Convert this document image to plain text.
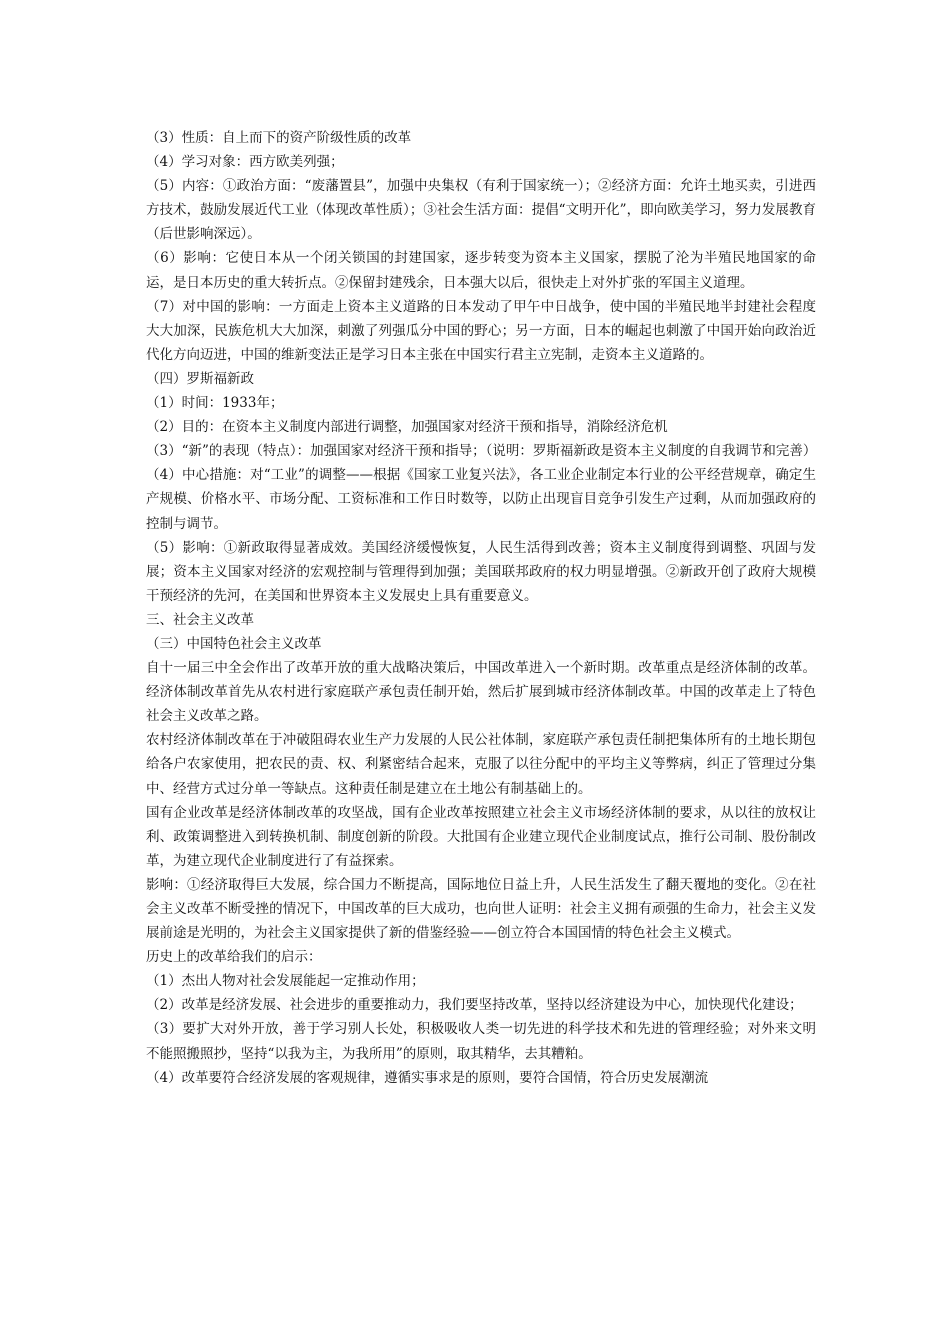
（3）性质：自上而下的资产阶级性质的改革

（4）学习对象：西方欧美列强；

（5）内容：①政治方面：“废藩置县”，加强中央集权（有利于国家统一）；②经济方面：允许土地买卖，引进西方技术，鼓励发展近代工业（体现改革性质）；③社会生活方面：提倡“文明开化”，即向欧美学习，努力发展教育（后世影响深远）。

（6）影响：它使日本从一个闭关锁国的封建国家，逐步转变为资本主义国家，摆脱了沦为半殖民地国家的命运，是日本历史的重大转折点。②保留封建残余，日本强大以后，很快走上对外扩张的军国主义道理。

（7）对中国的影响：一方面走上资本主义道路的日本发动了甲午中日战争，使中国的半殖民地半封建社会程度大大加深，民族危机大大加深，刺激了列强瓜分中国的野心；另一方面，日本的崛起也刺激了中国开始向政治近代化方向迈进，中国的维新变法正是学习日本主张在中国实行君主立宪制，走资本主义道路的。

（四）罗斯福新政

（1）时间：1933年；

（2）目的：在资本主义制度内部进行调整，加强国家对经济干预和指导，消除经济危机

（3）“新”的表现（特点）：加强国家对经济干预和指导；（说明：罗斯福新政是资本主义制度的自我调节和完善）

（4）中心措施：对“工业”的调整——根据《国家工业复兴法》，各工业企业制定本行业的公平经营规章，确定生产规模、价格水平、市场分配、工资标准和工作日时数等，以防止出现盲目竞争引发生产过剩，从而加强政府的控制与调节。

（5）影响：①新政取得显著成效。美国经济缓慢恢复，人民生活得到改善；资本主义制度得到调整、巩固与发展；资本主义国家对经济的宏观控制与管理得到加强；美国联邦政府的权力明显增强。②新政开创了政府大规模干预经济的先河，在美国和世界资本主义发展史上具有重要意义。

三、社会主义改革

（三）中国特色社会主义改革

自十一届三中全会作出了改革开放的重大战略决策后，中国改革进入一个新时期。改革重点是经济体制的改革。经济体制改革首先从农村进行家庭联产承包责任制开始，然后扩展到城市经济体制改革。中国的改革走上了特色社会主义改革之路。

农村经济体制改革在于冲破阻碍农业生产力发展的人民公社体制，家庭联产承包责任制把集体所有的土地长期包给各户农家使用，把农民的责、权、利紧密结合起来，克服了以往分配中的平均主义等弊病，纠正了管理过分集中、经营方式过分单一等缺点。这种责任制是建立在土地公有制基础上的。

国有企业改革是经济体制改革的攻坚战，国有企业改革按照建立社会主义市场经济体制的要求，从以往的放权让利、政策调整进入到转换机制、制度创新的阶段。大批国有企业建立现代企业制度试点，推行公司制、股份制改革，为建立现代企业制度进行了有益探索。

影响：①经济取得巨大发展，综合国力不断提高，国际地位日益上升，人民生活发生了翻天覆地的变化。②在社会主义改革不断受挫的情况下，中国改革的巨大成功，也向世人证明：社会主义拥有顽强的生命力，社会主义发展前途是光明的，为社会主义国家提供了新的借鉴经验——创立符合本国国情的特色社会主义模式。

历史上的改革给我们的启示：

（1）杰出人物对社会发展能起一定推动作用；

（2）改革是经济发展、社会进步的重要推动力，我们要坚持改革，坚持以经济建设为中心，加快现代化建设；

（3）要扩大对外开放，善于学习别人长处，积极吸收人类一切先进的科学技术和先进的管理经验；对外来文明不能照搬照抄，坚持“以我为主，为我所用”的原则，取其精华，去其糟粕。

（4）改革要符合经济发展的客观规律，遵循实事求是的原则，要符合国情，符合历史发展潮流
